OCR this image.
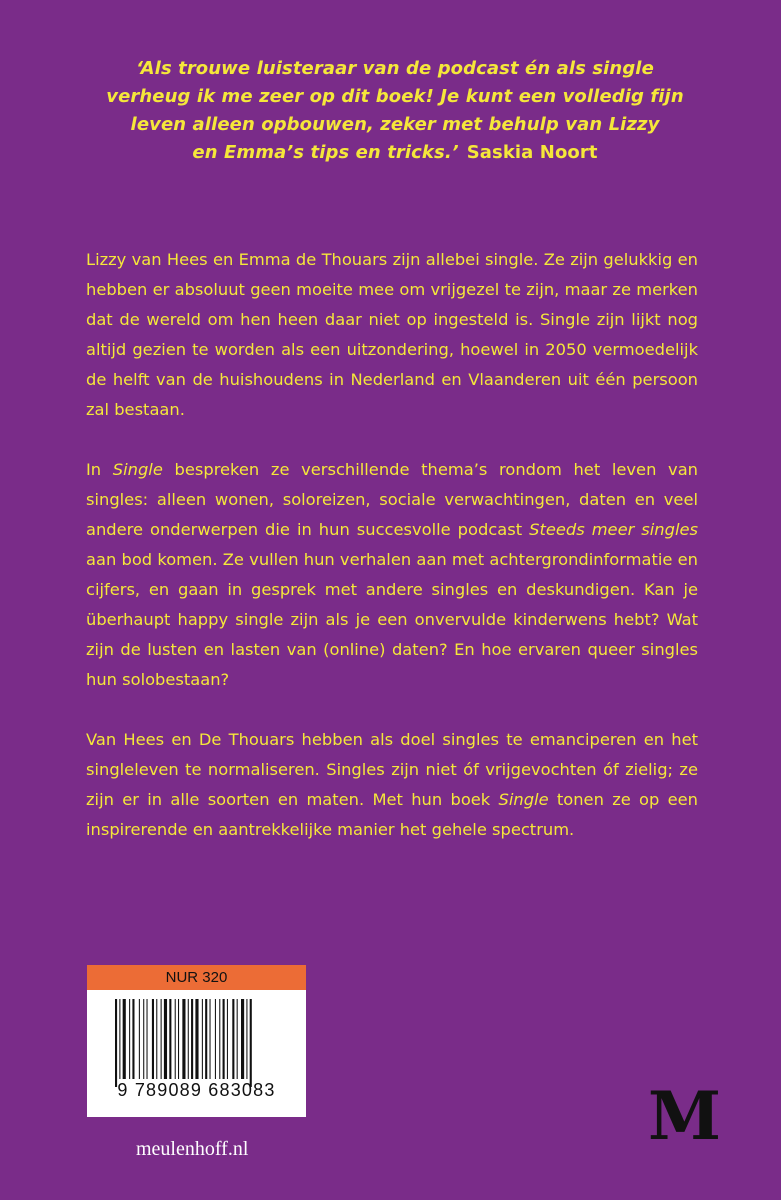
‘Als trouwe luisteraar van de podcast én als single
verheug ik me zeer op dit boek! Je kunt een volledig fijn
leven alleen opbouwen, zeker met behulp van Lizzy
en Emma’s tips en tricks.’ Saskia Noort

Lizzy van Hees en Emma de Thouars zijn allebei single. Ze zijn gelukkig en hebben er absoluut geen moeite mee om vrijgezel te zijn, maar ze merken dat de wereld om hen heen daar niet op ingesteld is. Single zijn lijkt nog altijd gezien te worden als een uitzondering, hoewel in 2050 vermoedelijk de helft van de huishoudens in Nederland en Vlaanderen uit één persoon zal bestaan.

In Single bespreken ze verschillende thema’s rondom het leven van singles: alleen wonen, soloreizen, sociale verwachtingen, daten en veel andere onderwerpen die in hun succesvolle podcast Steeds meer singles aan bod komen. Ze vullen hun verhalen aan met achtergrondinformatie en cijfers, en gaan in gesprek met andere singles en deskundigen. Kan je überhaupt happy single zijn als je een onvervulde kinderwens hebt? Wat zijn de lusten en lasten van (online) daten? En hoe ervaren queer singles hun solobestaan?

Van Hees en De Thouars hebben als doel singles te emanciperen en het singleleven te normaliseren. Singles zijn niet óf vrijgevochten óf zielig; ze zijn er in alle soorten en maten. Met hun boek Single tonen ze op een inspirerende en aantrekkelijke manier het gehele spectrum.

NUR 320
9 789089 683083
meulenhoff.nl	M
